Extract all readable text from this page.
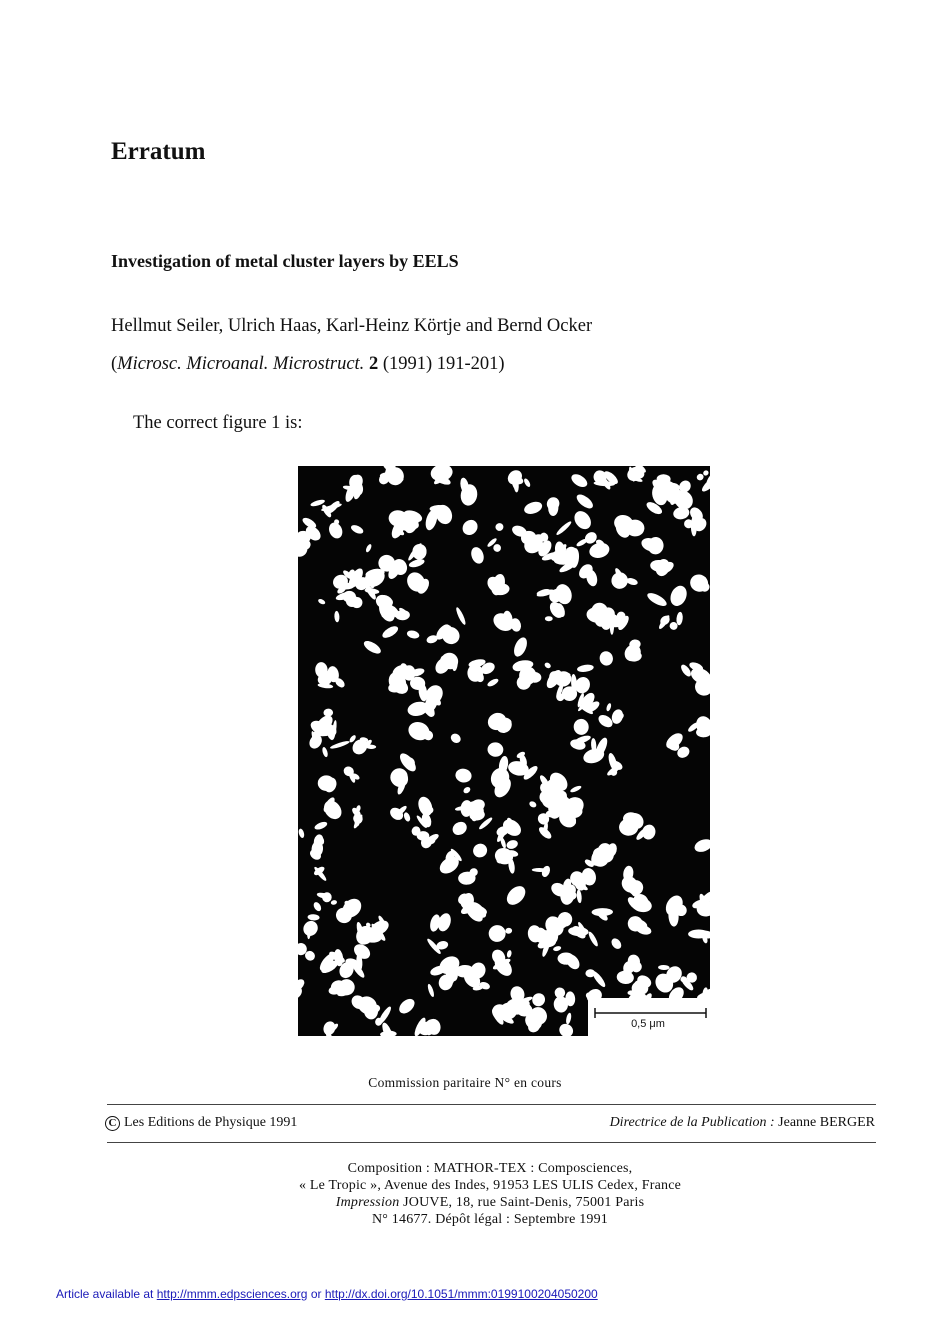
Erratum
Investigation of metal cluster layers by EELS
Hellmut Seiler, Ulrich Haas, Karl-Heinz Körtje and Bernd Ocker
(Microsc. Microanal. Microstruct. 2 (1991) 191-201)
The correct figure 1 is:
0,5 μm
Commission paritaire N° en cours
C Les Editions de Physique 1991	Directrice de la Publication : Jeanne BERGER
Composition : MATHOR-TEX : Composciences,
« Le Tropic », Avenue des Indes, 91953 LES ULIS Cedex, France
Impression JOUVE, 18, rue Saint-Denis, 75001 Paris
N° 14677. Dépôt légal : Septembre 1991
Article available at http://mmm.edpsciences.org or http://dx.doi.org/10.1051/mmm:0199100204050200
